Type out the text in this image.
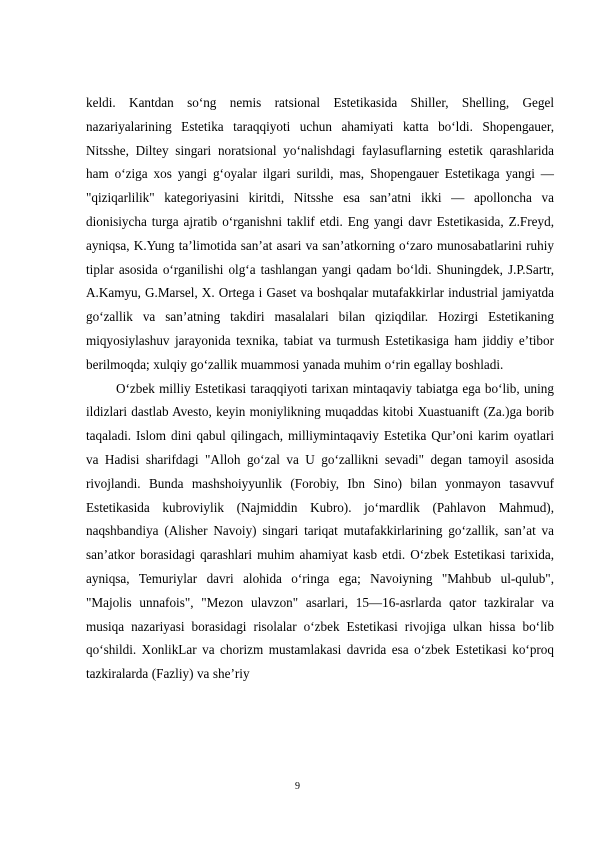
keldi. Kantdan soʻng nemis ratsional Estetikasida Shiller, Shelling, Gegel nazariyalarining Estetika taraqqiyoti uchun ahamiyati katta boʻldi. Shopengauer, Nitsshe, Diltey singari noratsional yoʻnalishdagi faylasuflarning estetik qarashlarida ham oʻziga xos yangi gʻoyalar ilgari surildi, mas, Shopengauer Estetikaga yangi — "qiziqarlilik" kategoriyasini kiritdi, Nitsshe esa sanʼatni ikki — apolloncha va dionisiycha turga ajratib oʻrganishni taklif etdi. Eng yangi davr Estetikasida, Z.Freyd, ayniqsa, K.Yung taʼlimotida sanʼat asari va sanʼatkorning oʻzaro munosabatlarini ruhiy tiplar asosida oʻrganilishi olgʻa tashlangan yangi qadam boʻldi. Shuningdek, J.P.Sartr, A.Kamyu, G.Marsel, X. Ortega i Gaset va boshqalar mutafakkirlar industrial jamiyatda goʻzallik va sanʼatning takdiri masalalari bilan qiziqdilar. Hozirgi Estetikaning miqyosiylashuv jarayonida texnika, tabiat va turmush Estetikasiga ham jiddiy eʼtibor berilmoqda; xulqiy goʻzallik muammosi yanada muhim oʻrin egallay boshladi.

Oʻzbek milliy Estetikasi taraqqiyoti tarixan mintaqaviy tabiatga ega boʻlib, uning ildizlari dastlab Avesto, keyin moniylikning muqaddas kitobi Xuastuanift (Za.)ga borib taqaladi. Islom dini qabul qilingach, milliymintaqaviy Estetika Qurʼoni karim oyatlari va Hadisi sharifdagi "Alloh goʻzal va U goʻzallikni sevadi" degan tamoyil asosida rivojlandi. Bunda mashshoiyyunlik (Forobiy, Ibn Sino) bilan yonmayon tasavvuf Estetikasida kubroviylik (Najmiddin Kubro). joʻmardlik (Pahlavon Mahmud), naqshbandiya (Alisher Navoiy) singari tariqat mutafakkirlarining goʻzallik, sanʼat va sanʼatkor borasidagi qarashlari muhim ahamiyat kasb etdi. Oʻzbek Estetikasi tarixida, ayniqsa, Temuriylar davri alohida oʻringa ega; Navoiyning "Mahbub ul-qulub", "Majolis unnafois", "Mezon ulavzon" asarlari, 15—16-asrlarda qator tazkiralar va musiqa nazariyasi borasidagi risolalar oʻzbek Estetikasi rivojiga ulkan hissa boʻlib qoʻshildi. XonlikLar va chorizm mustamlakasi davrida esa oʻzbek Estetikasi koʻproq tazkiralarda (Fazliy) va sheʼriy

9
